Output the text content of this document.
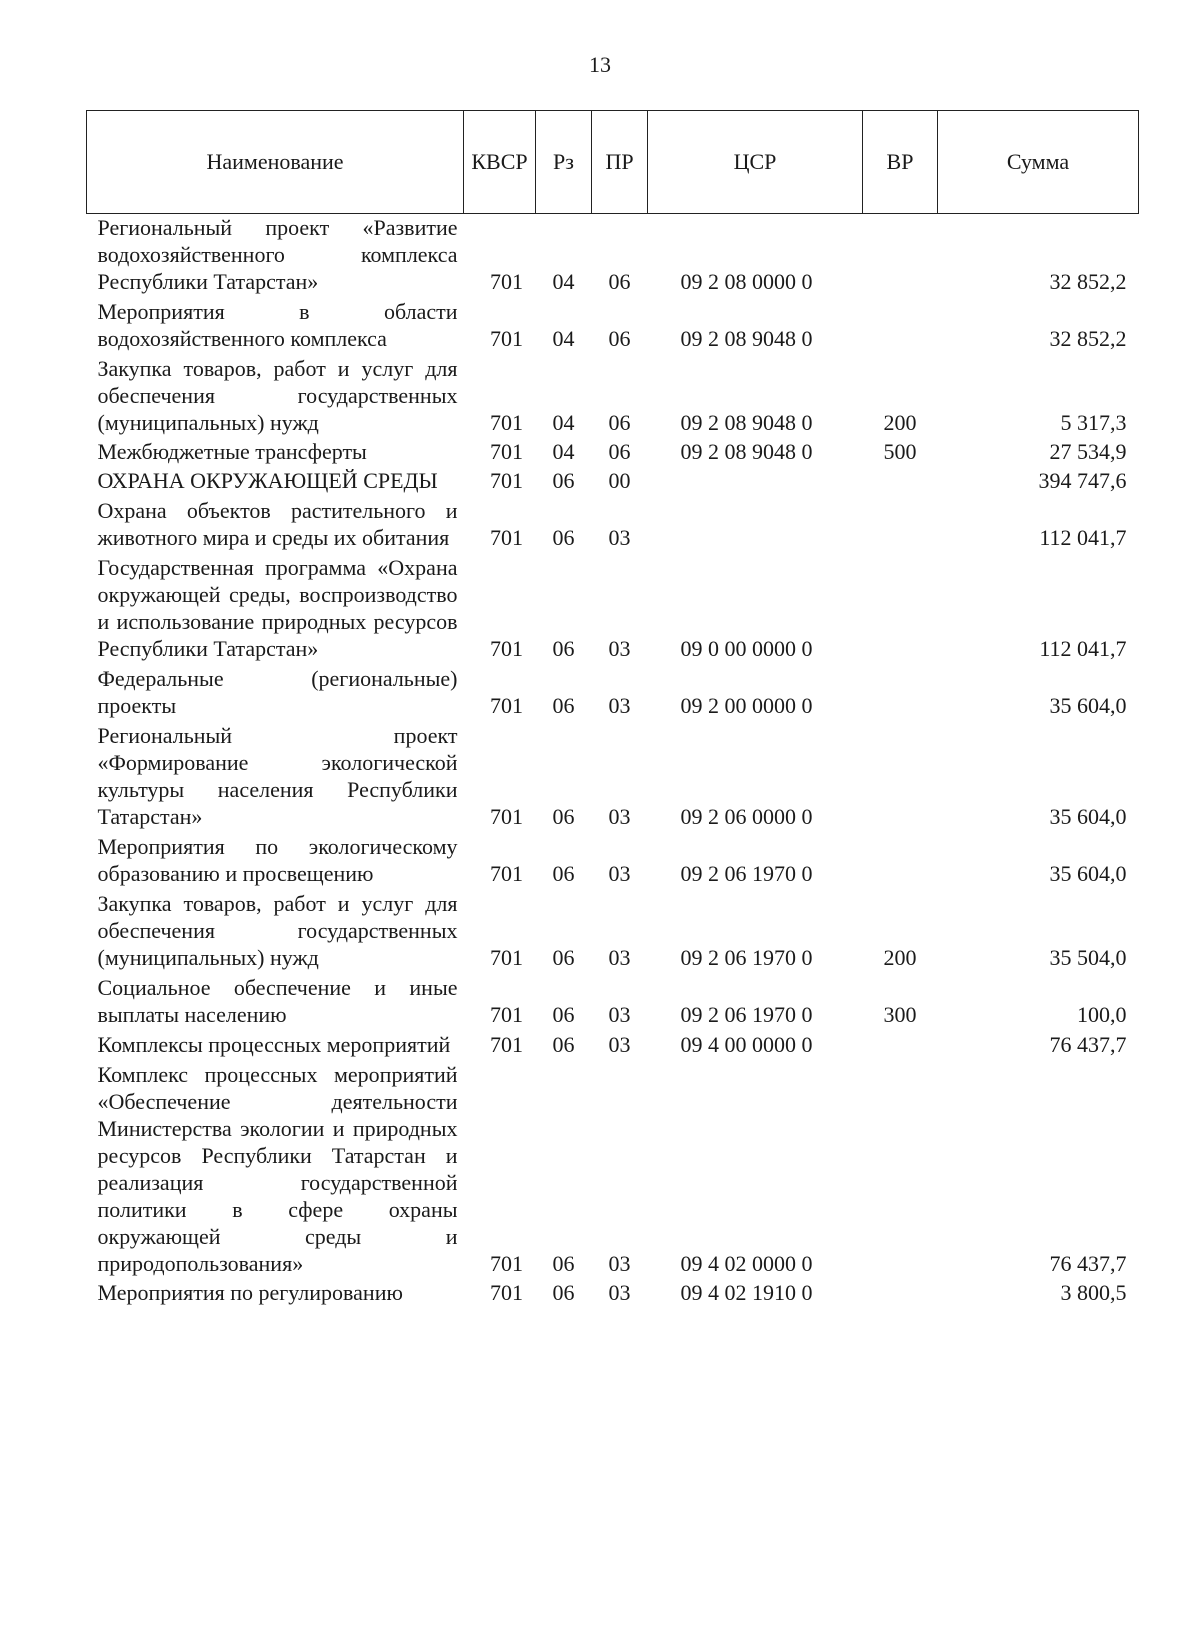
13
Наименование	КВСР	Рз	ПР	ЦСР	ВР	Сумма
Региональный проект «Развитие водохозяйственного комплекса Республики Татарстан»	701	04	06	09 2 08 0000 0		32 852,2
Мероприятия в области водохозяйственного комплекса	701	04	06	09 2 08 9048 0		32 852,2
Закупка товаров, работ и услуг для обеспечения государственных (муниципальных) нужд	701	04	06	09 2 08 9048 0	200	5 317,3
Межбюджетные трансферты	701	04	06	09 2 08 9048 0	500	27 534,9
ОХРАНА ОКРУЖАЮЩЕЙ СРЕДЫ	701	06	00			394 747,6
Охрана объектов растительного и животного мира и среды их обитания	701	06	03			112 041,7
Государственная программа «Охрана окружающей среды, воспроизводство и использование природных ресурсов Республики Татарстан»	701	06	03	09 0 00 0000 0		112 041,7
Федеральные (региональные) проекты	701	06	03	09 2 00 0000 0		35 604,0
Региональный проект «Формирование экологической культуры населения Республики Татарстан»	701	06	03	09 2 06 0000 0		35 604,0
Мероприятия по экологическому образованию и просвещению	701	06	03	09 2 06 1970 0		35 604,0
Закупка товаров, работ и услуг для обеспечения государственных (муниципальных) нужд	701	06	03	09 2 06 1970 0	200	35 504,0
Социальное обеспечение и иные выплаты населению	701	06	03	09 2 06 1970 0	300	100,0
Комплексы процессных мероприятий	701	06	03	09 4 00 0000 0		76 437,7
Комплекс процессных мероприятий «Обеспечение деятельности Министерства экологии и природных ресурсов Республики Татарстан и реализация государственной политики в сфере охраны окружающей среды и природопользования»	701	06	03	09 4 02 0000 0		76 437,7
Мероприятия по регулированию	701	06	03	09 4 02 1910 0		3 800,5
